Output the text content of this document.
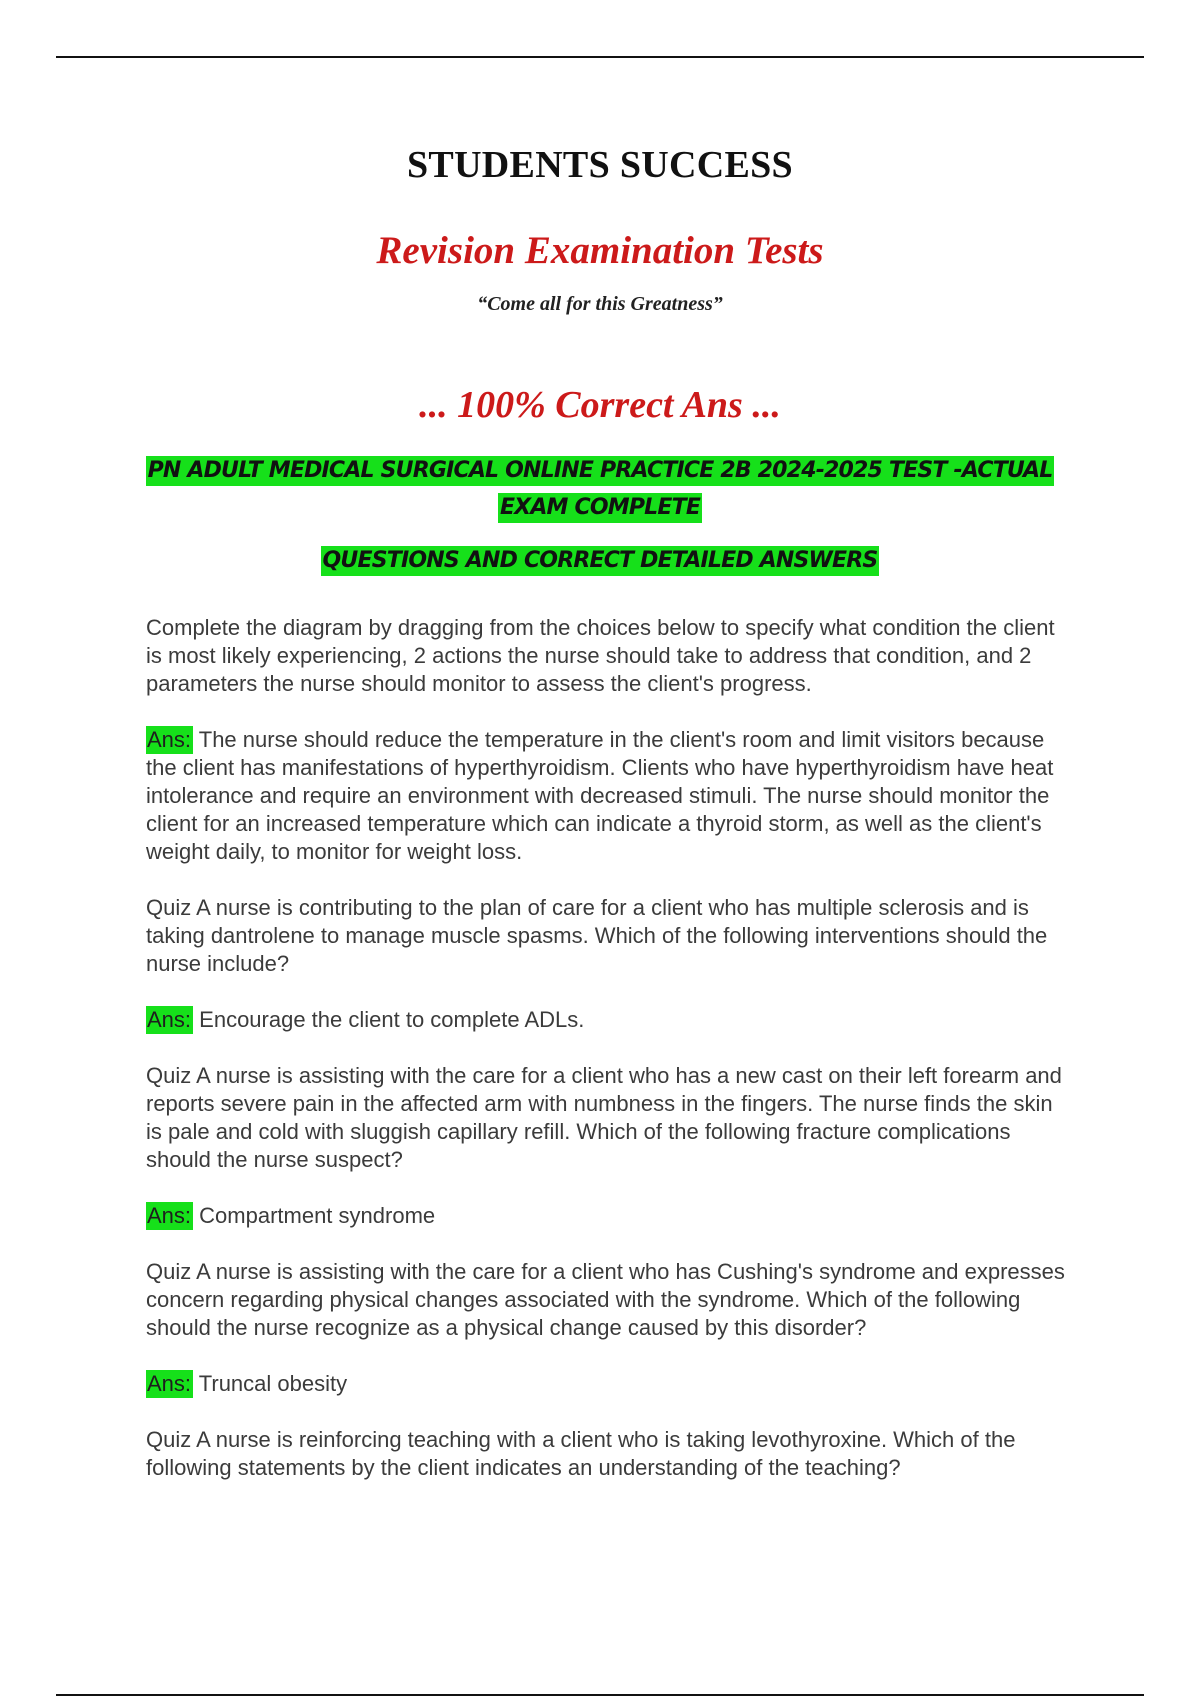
STUDENTS SUCCESS
Revision Examination Tests
“Come all for this Greatness”
... 100% Correct Ans ...
PN ADULT MEDICAL SURGICAL ONLINE PRACTICE 2B 2024-2025 TEST -ACTUAL
EXAM COMPLETE
QUESTIONS AND CORRECT DETAILED ANSWERS

Complete the diagram by dragging from the choices below to specify what condition the client is most likely experiencing, 2 actions the nurse should take to address that condition, and 2 parameters the nurse should monitor to assess the client's progress.

Ans: The nurse should reduce the temperature in the client's room and limit visitors because the client has manifestations of hyperthyroidism. Clients who have hyperthyroidism have heat intolerance and require an environment with decreased stimuli. The nurse should monitor the client for an increased temperature which can indicate a thyroid storm, as well as the client's weight daily, to monitor for weight loss.

Quiz A nurse is contributing to the plan of care for a client who has multiple sclerosis and is taking dantrolene to manage muscle spasms. Which of the following interventions should the nurse include?

Ans: Encourage the client to complete ADLs.

Quiz A nurse is assisting with the care for a client who has a new cast on their left forearm and reports severe pain in the affected arm with numbness in the fingers. The nurse finds the skin is pale and cold with sluggish capillary refill. Which of the following fracture complications should the nurse suspect?

Ans: Compartment syndrome

Quiz A nurse is assisting with the care for a client who has Cushing's syndrome and expresses concern regarding physical changes associated with the syndrome. Which of the following should the nurse recognize as a physical change caused by this disorder?

Ans: Truncal obesity

Quiz A nurse is reinforcing teaching with a client who is taking levothyroxine. Which of the following statements by the client indicates an understanding of the teaching?
